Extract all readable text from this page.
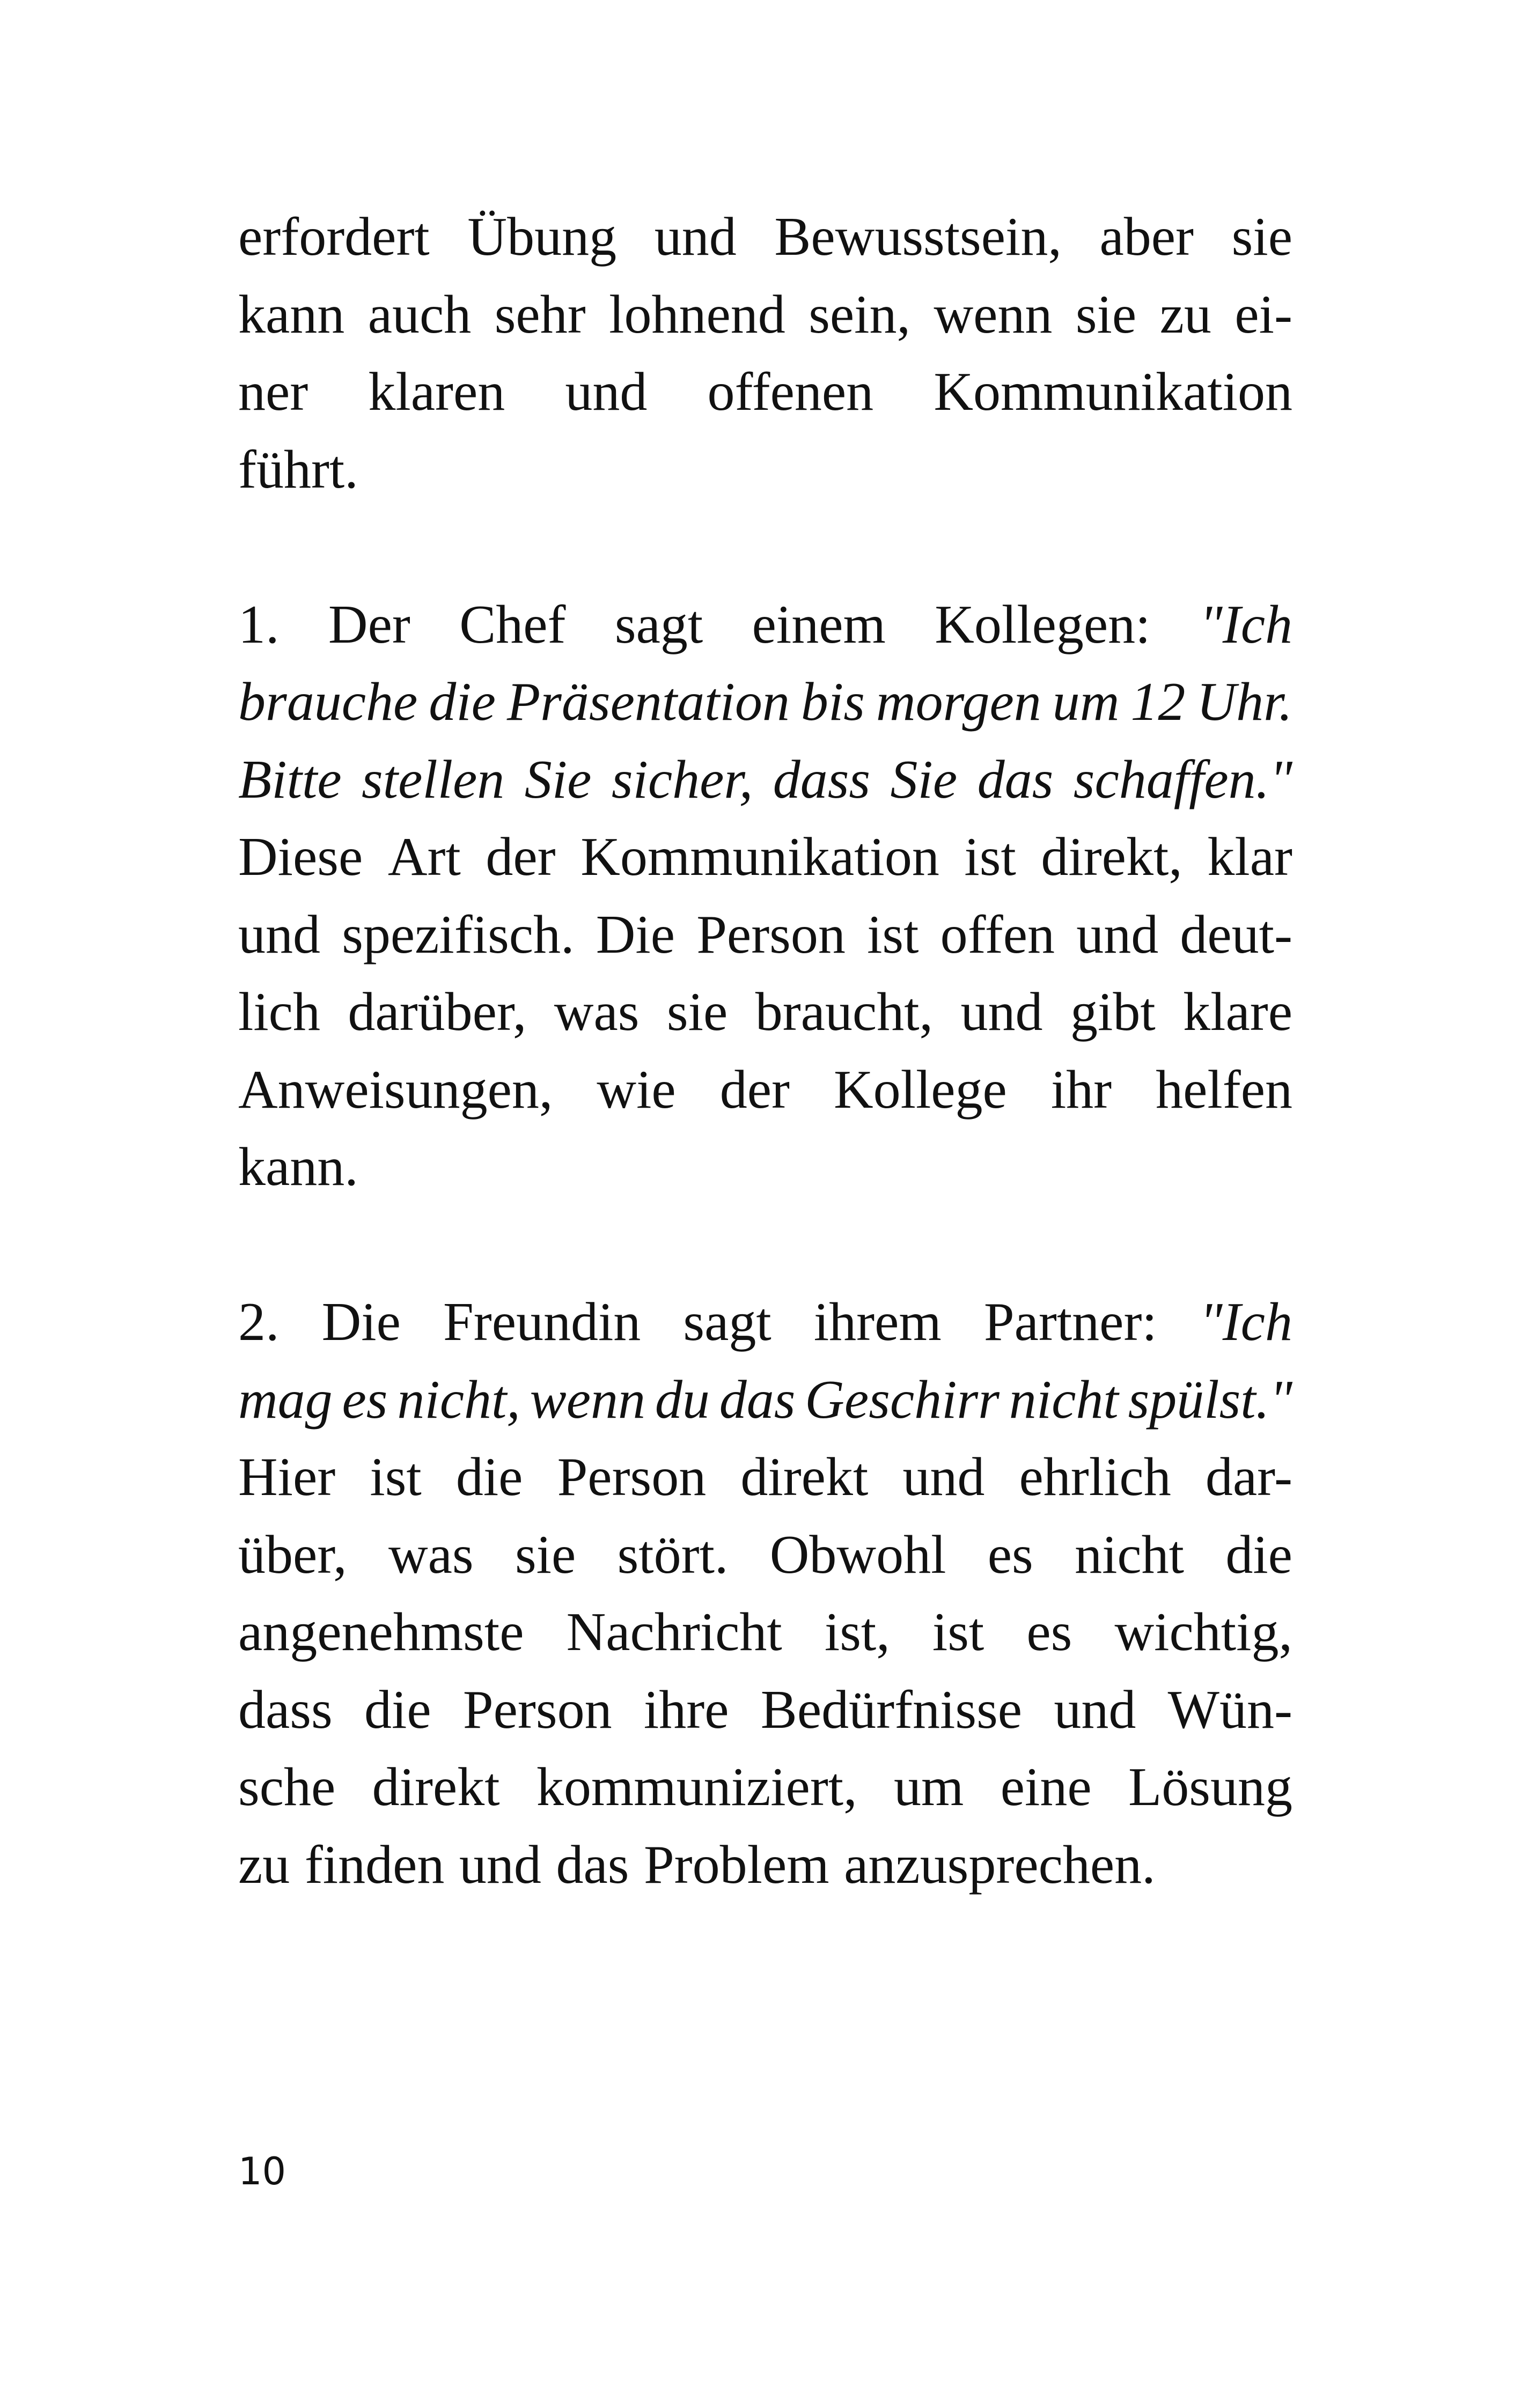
erfordert Übung und Bewusstsein, aber sie
kann auch sehr lohnend sein, wenn sie zu ei-
ner klaren und offenen Kommunikation
führt.
1. Der Chef sagt einem Kollegen: "Ich
brauche die Präsentation bis morgen um 12 Uhr.
Bitte stellen Sie sicher, dass Sie das schaffen."
Diese Art der Kommunikation ist direkt, klar
und spezifisch. Die Person ist offen und deut-
lich darüber, was sie braucht, und gibt klare
Anweisungen, wie der Kollege ihr helfen
kann.
2. Die Freundin sagt ihrem Partner: "Ich
mag es nicht, wenn du das Geschirr nicht spülst."
Hier ist die Person direkt und ehrlich dar-
über, was sie stört. Obwohl es nicht die
angenehmste Nachricht ist, ist es wichtig,
dass die Person ihre Bedürfnisse und Wün-
sche direkt kommuniziert, um eine Lösung
zu finden und das Problem anzusprechen.
10
